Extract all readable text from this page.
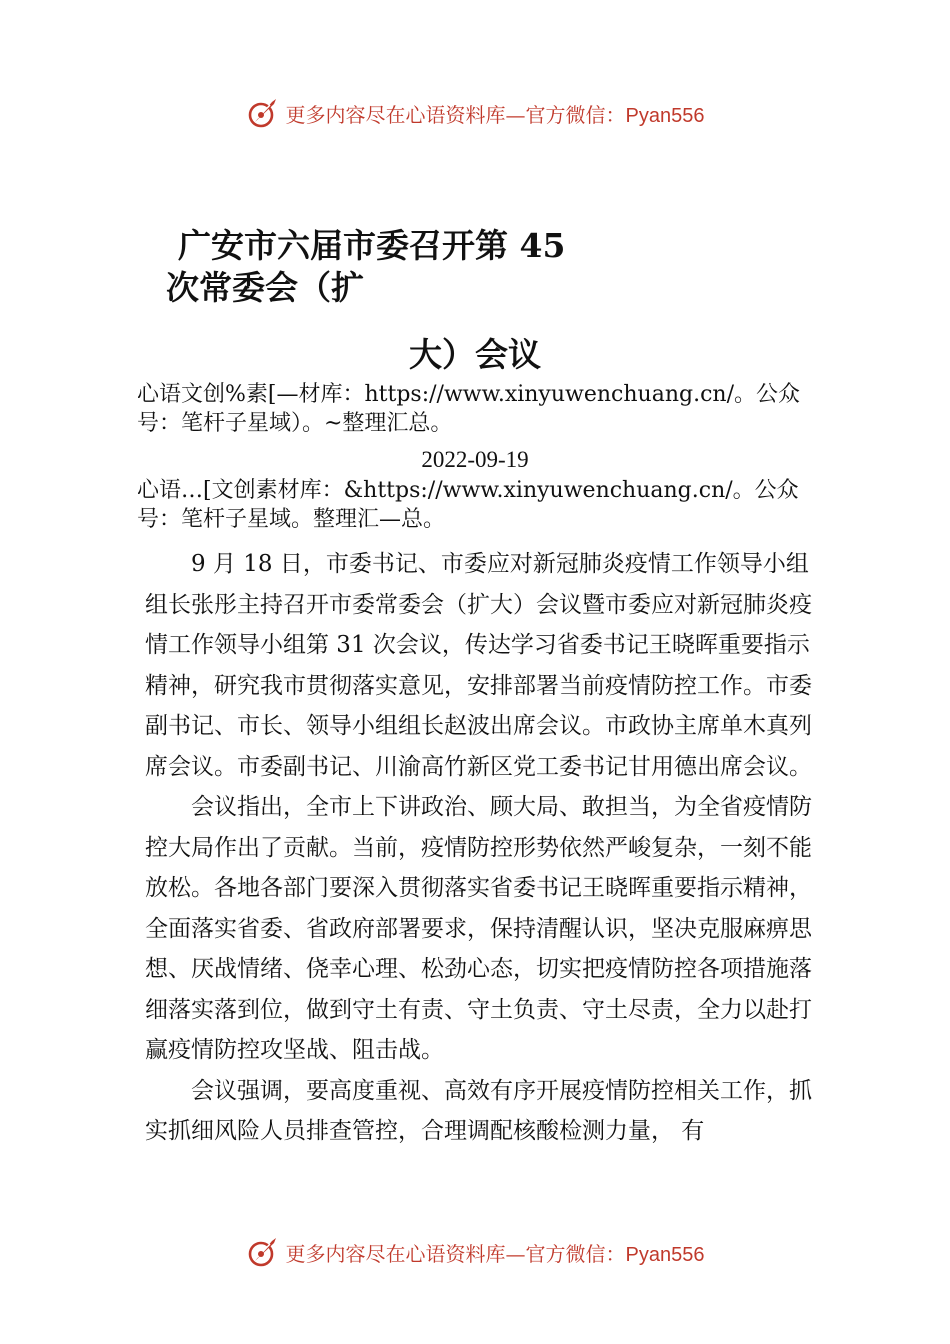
更多内容尽在心语资料库—官方微信：Pyan556
广安市六届市委召开第 45
次常委会（扩
大）会议
心语文创%素[—材库：https://www.xinyuwenchuang.cn/。公众号：笔杆子星域）。~整理汇总。
2022-09-19
心语…[文创素材库：&https://www.xinyuwenchuang.cn/。公众号：笔杆子星域。整理汇—总。

9 月 18 日，市委书记、市委应对新冠肺炎疫情工作领导小组组长张彤主持召开市委常委会（扩大）会议暨市委应对新冠肺炎疫情工作领导小组第 31 次会议，传达学习省委书记王晓晖重要指示精神，研究我市贯彻落实意见，安排部署当前疫情防控工作。市委副书记、市长、领导小组组长赵波出席会议。市政协主席单木真列席会议。市委副书记、川渝高竹新区党工委书记甘用德出席会议。

会议指出，全市上下讲政治、顾大局、敢担当，为全省疫情防控大局作出了贡献。当前，疫情防控形势依然严峻复杂，一刻不能放松。各地各部门要深入贯彻落实省委书记王晓晖重要指示精神，全面落实省委、省政府部署要求，保持清醒认识，坚决克服麻痹思想、厌战情绪、侥幸心理、松劲心态，切实把疫情防控各项措施落细落实落到位，做到守土有责、守土负责、守土尽责，全力以赴打赢疫情防控攻坚战、阻击战。

会议强调，要高度重视、高效有序开展疫情防控相关工作，抓实抓细风险人员排查管控，合理调配核酸检测力量， 有

更多内容尽在心语资料库—官方微信：Pyan556
